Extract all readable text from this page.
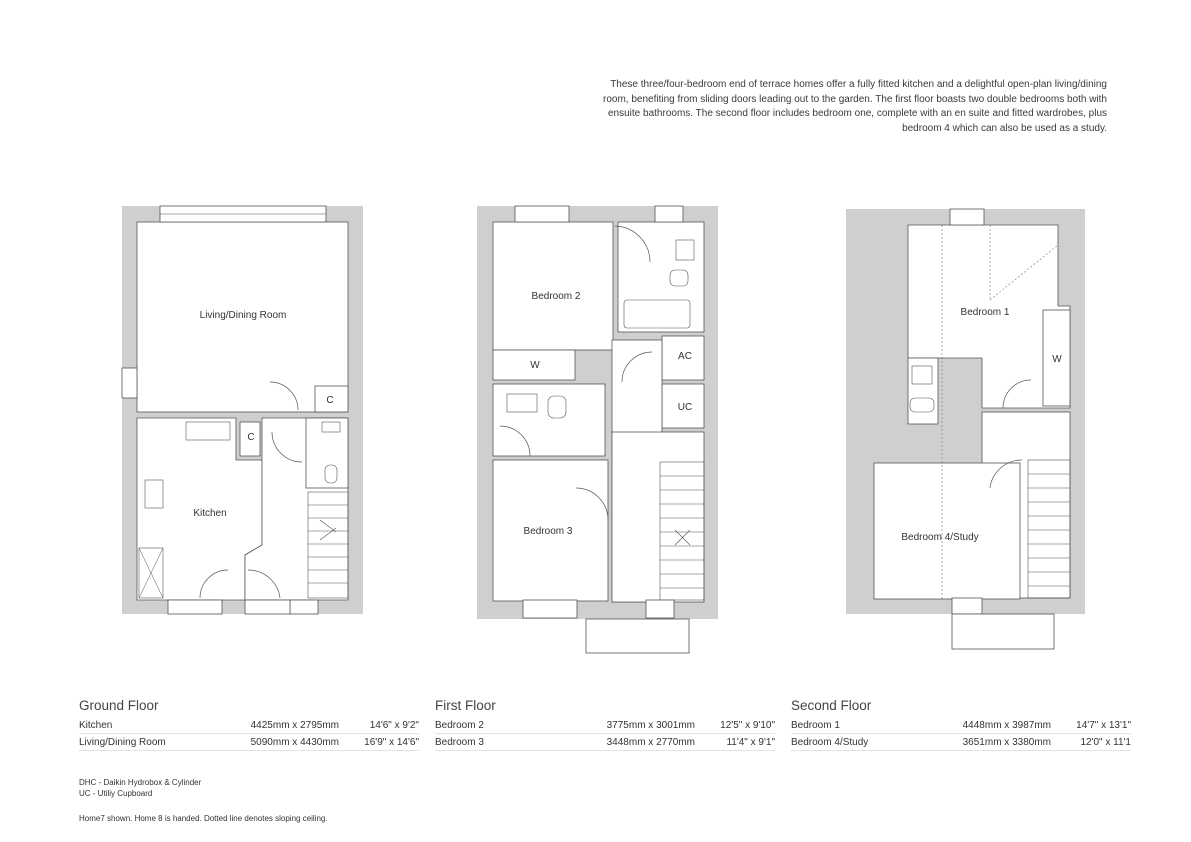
These three/four-bedroom end of terrace homes offer a fully fitted kitchen and a delightful open-plan living/dining room, benefiting from sliding doors leading out to the garden. The first floor boasts two double bedrooms both with ensuite bathrooms. The second floor includes bedroom one, complete with an en suite and fitted wardrobes, plus bedroom 4 which can also be used as a study.
Living/Dining Room
Kitchen
C
C
Bedroom 2
Bedroom 3
W
AC
UC
Bedroom 1
Bedroom 4/Study
W
Ground Floor
Kitchen	4425mm x 2795mm	14'6" x 9'2"
Living/Dining Room	5090mm x 4430mm	16'9" x 14'6"
First Floor
Bedroom 2	3775mm x 3001mm	12'5" x 9'10"
Bedroom 3	3448mm x 2770mm	11'4" x 9'1"
Second Floor
Bedroom 1	4448mm x 3987mm	14'7" x 13'1"
Bedroom 4/Study	3651mm x 3380mm	12'0" x 11'1
DHC - Daikin Hydrobox & Cylinder
UC - Utiliy Cupboard
Home7 shown. Home 8 is handed. Dotted line denotes sloping ceiling.
